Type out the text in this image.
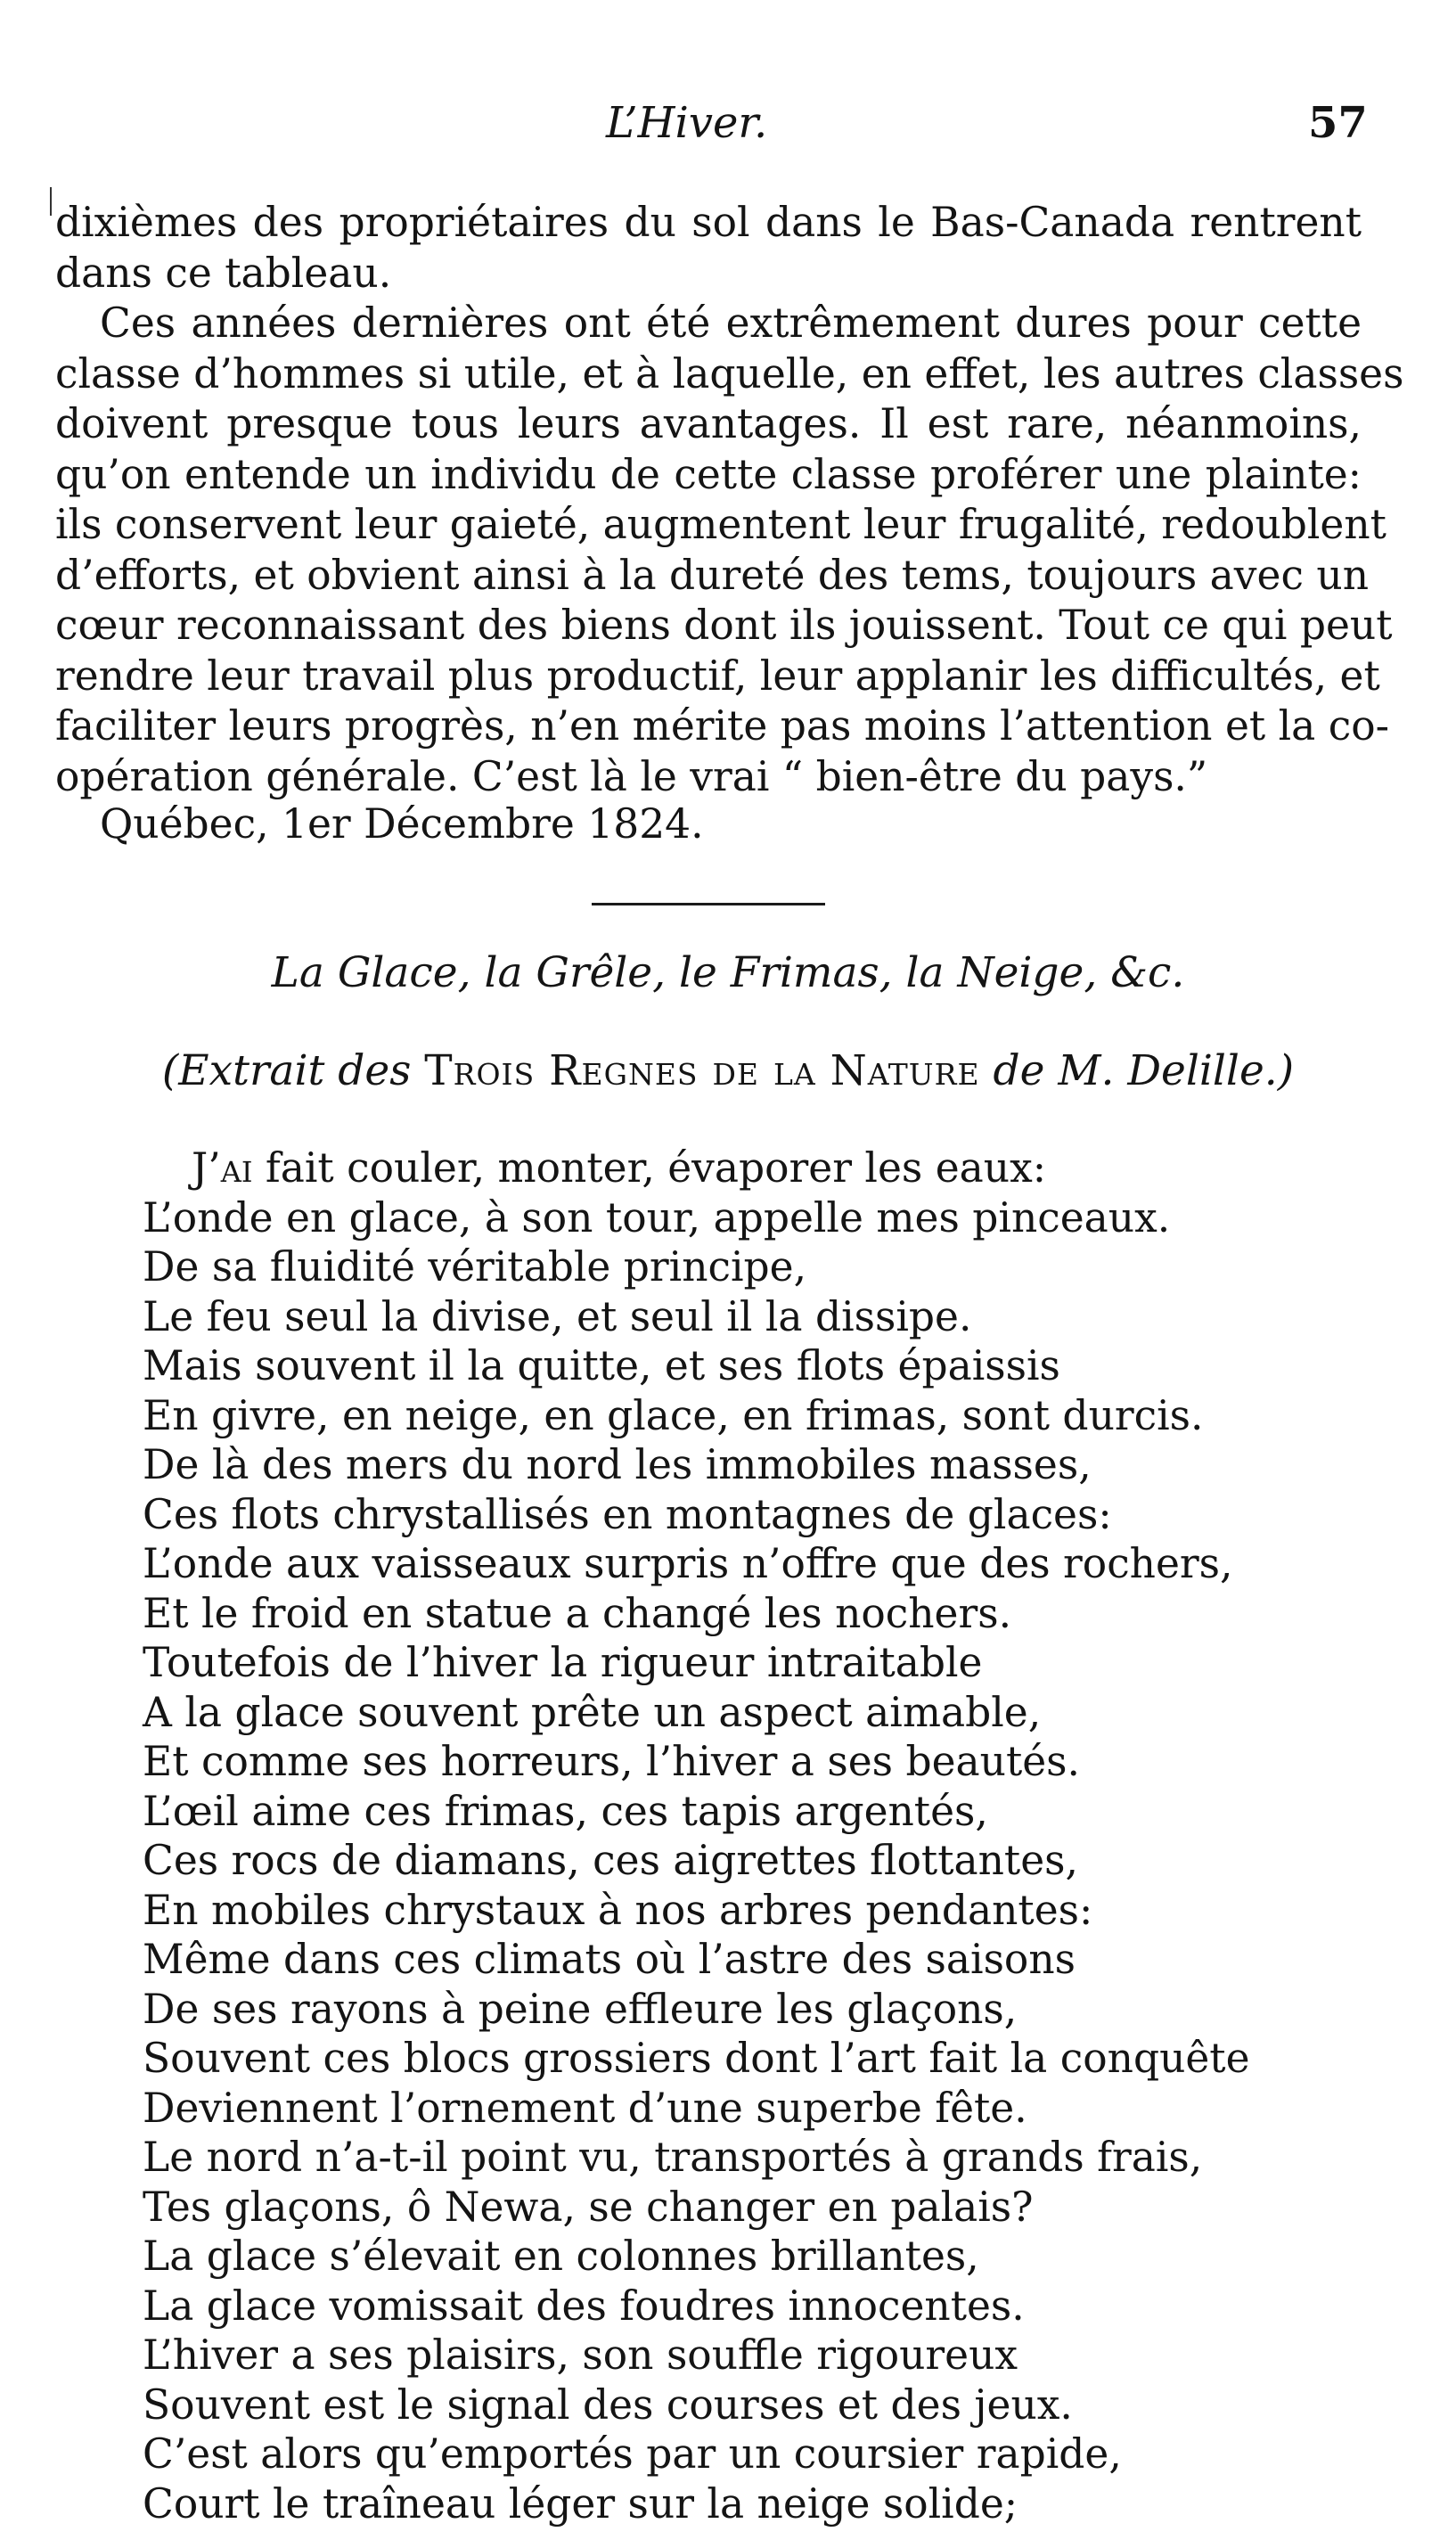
L’Hiver.	57
dixièmes des propriétaires du sol dans le Bas-Canada rentrent
dans ce tableau.
Ces années dernières ont été extrêmement dures pour cette
classe d’hommes si utile, et à laquelle, en effet, les autres classes
doivent presque tous leurs avantages. Il est rare, néanmoins,
qu’on entende un individu de cette classe proférer une plainte:
ils conservent leur gaieté, augmentent leur frugalité, redoublent
d’efforts, et obvient ainsi à la dureté des tems, toujours avec un
cœur reconnaissant des biens dont ils jouissent. Tout ce qui peut
rendre leur travail plus productif, leur applanir les difficultés, et
faciliter leurs progrès, n’en mérite pas moins l’attention et la co-
opération générale. C’est là le vrai “ bien-être du pays.”
Québec, 1er Décembre 1824.
La Glace, la Grêle, le Frimas, la Neige, &c.
(Extrait des Trois Regnes de la Nature de M. Delille.)
J’ai fait couler, monter, évaporer les eaux:
L’onde en glace, à son tour, appelle mes pinceaux.
De sa fluidité véritable principe,
Le feu seul la divise, et seul il la dissipe.
Mais souvent il la quitte, et ses flots épaissis
En givre, en neige, en glace, en frimas, sont durcis.
De là des mers du nord les immobiles masses,
Ces flots chrystallisés en montagnes de glaces:
L’onde aux vaisseaux surpris n’offre que des rochers,
Et le froid en statue a changé les nochers.
Toutefois de l’hiver la rigueur intraitable
A la glace souvent prête un aspect aimable,
Et comme ses horreurs, l’hiver a ses beautés.
L’œil aime ces frimas, ces tapis argentés,
Ces rocs de diamans, ces aigrettes flottantes,
En mobiles chrystaux à nos arbres pendantes:
Même dans ces climats où l’astre des saisons
De ses rayons à peine effleure les glaçons,
Souvent ces blocs grossiers dont l’art fait la conquête
Deviennent l’ornement d’une superbe fête.
Le nord n’a-t-il point vu, transportés à grands frais,
Tes glaçons, ô Newa, se changer en palais?
La glace s’élevait en colonnes brillantes,
La glace vomissait des foudres innocentes.
L’hiver a ses plaisirs, son souffle rigoureux
Souvent est le signal des courses et des jeux.
C’est alors qu’emportés par un coursier rapide,
Court le traîneau léger sur la neige solide;
